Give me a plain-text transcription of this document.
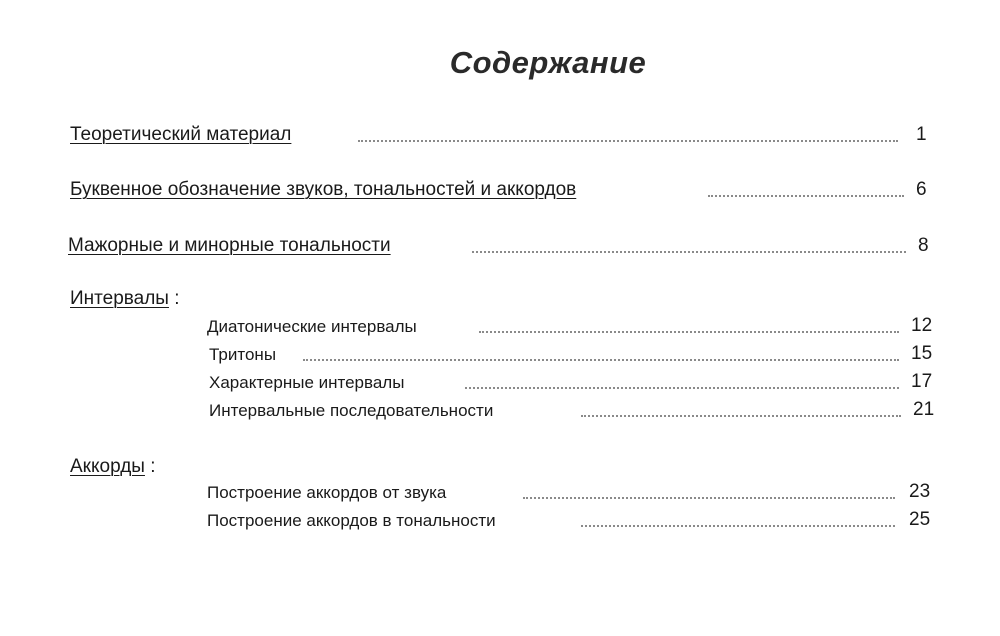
Содержание
Теоретический материал	1
Буквенное обозначение звуков, тональностей и аккордов	6
Мажорные и минорные тональности	8
Интервалы :
Диатонические интервалы	12
Тритоны	15
Характерные интервалы	17
Интервальные последовательности	21
Аккорды :
Построение аккордов от звука	23
Построение аккордов в тональности	25
